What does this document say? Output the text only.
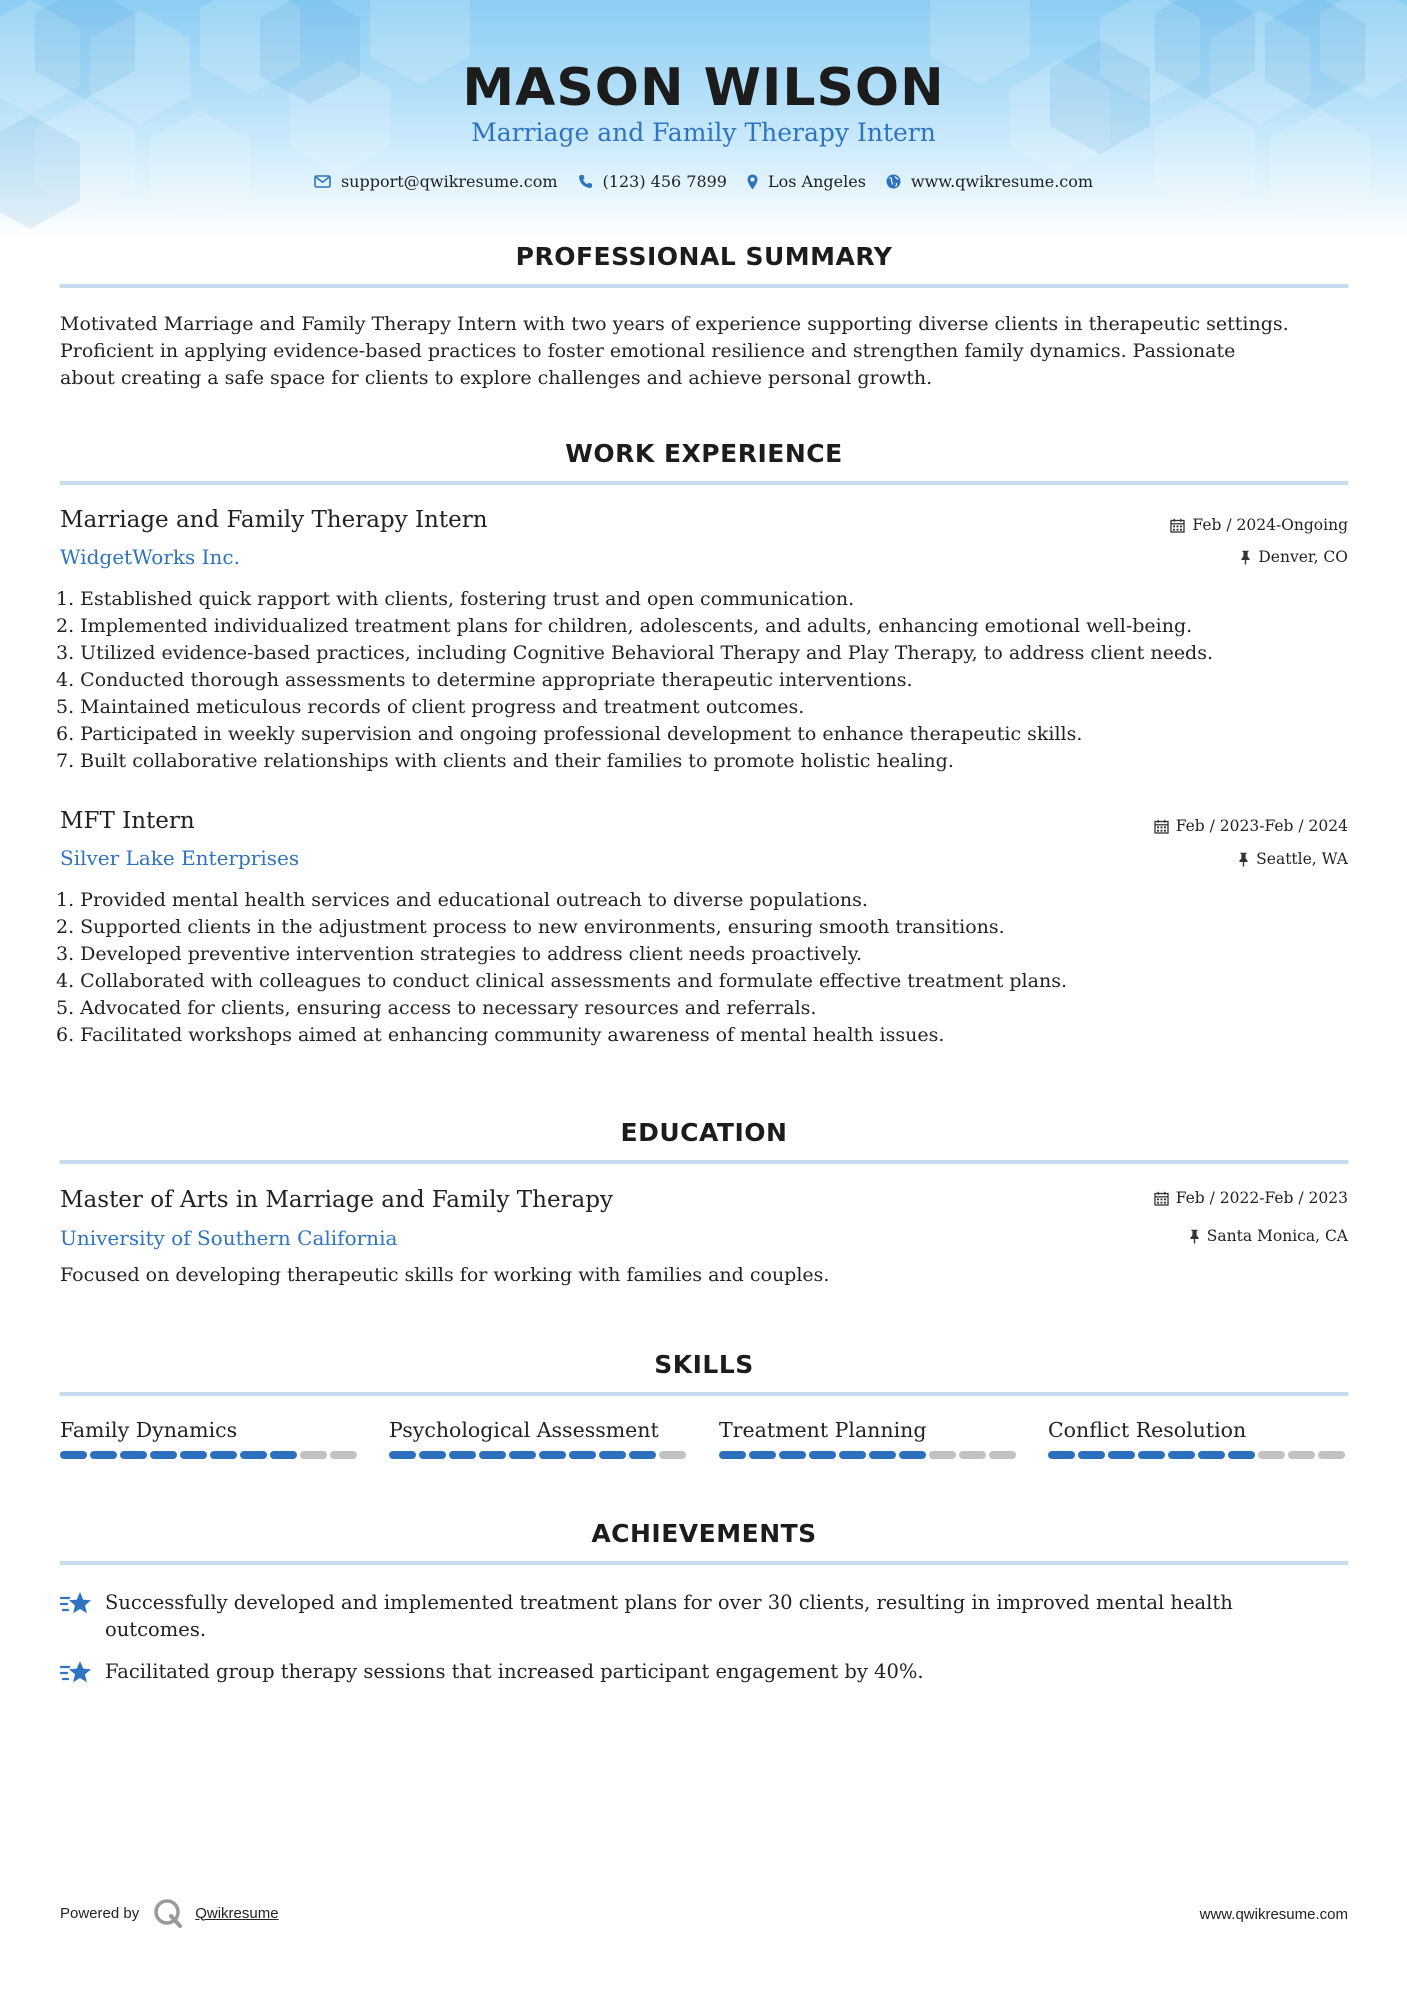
MASON WILSON
Marriage and Family Therapy Intern
support@qwikresume.com	(123) 456 7899	Los Angeles	www.qwikresume.com
PROFESSIONAL SUMMARY
Motivated Marriage and Family Therapy Intern with two years of experience supporting diverse clients in therapeutic settings.
Proficient in applying evidence-based practices to foster emotional resilience and strengthen family dynamics. Passionate
about creating a safe space for clients to explore challenges and achieve personal growth.
WORK EXPERIENCE
Marriage and Family Therapy Intern	Feb / 2024-Ongoing
WidgetWorks Inc.	Denver, CO
1. Established quick rapport with clients, fostering trust and open communication.
2. Implemented individualized treatment plans for children, adolescents, and adults, enhancing emotional well-being.
3. Utilized evidence-based practices, including Cognitive Behavioral Therapy and Play Therapy, to address client needs.
4. Conducted thorough assessments to determine appropriate therapeutic interventions.
5. Maintained meticulous records of client progress and treatment outcomes.
6. Participated in weekly supervision and ongoing professional development to enhance therapeutic skills.
7. Built collaborative relationships with clients and their families to promote holistic healing.
MFT Intern	Feb / 2023-Feb / 2024
Silver Lake Enterprises	Seattle, WA
1. Provided mental health services and educational outreach to diverse populations.
2. Supported clients in the adjustment process to new environments, ensuring smooth transitions.
3. Developed preventive intervention strategies to address client needs proactively.
4. Collaborated with colleagues to conduct clinical assessments and formulate effective treatment plans.
5. Advocated for clients, ensuring access to necessary resources and referrals.
6. Facilitated workshops aimed at enhancing community awareness of mental health issues.
EDUCATION
Master of Arts in Marriage and Family Therapy	Feb / 2022-Feb / 2023
University of Southern California	Santa Monica, CA
Focused on developing therapeutic skills for working with families and couples.
SKILLS
Family Dynamics	Psychological Assessment	Treatment Planning	Conflict Resolution
ACHIEVEMENTS
Successfully developed and implemented treatment plans for over 30 clients, resulting in improved mental health
outcomes.
Facilitated group therapy sessions that increased participant engagement by 40%.
Powered by	Qwikresume	www.qwikresume.com
